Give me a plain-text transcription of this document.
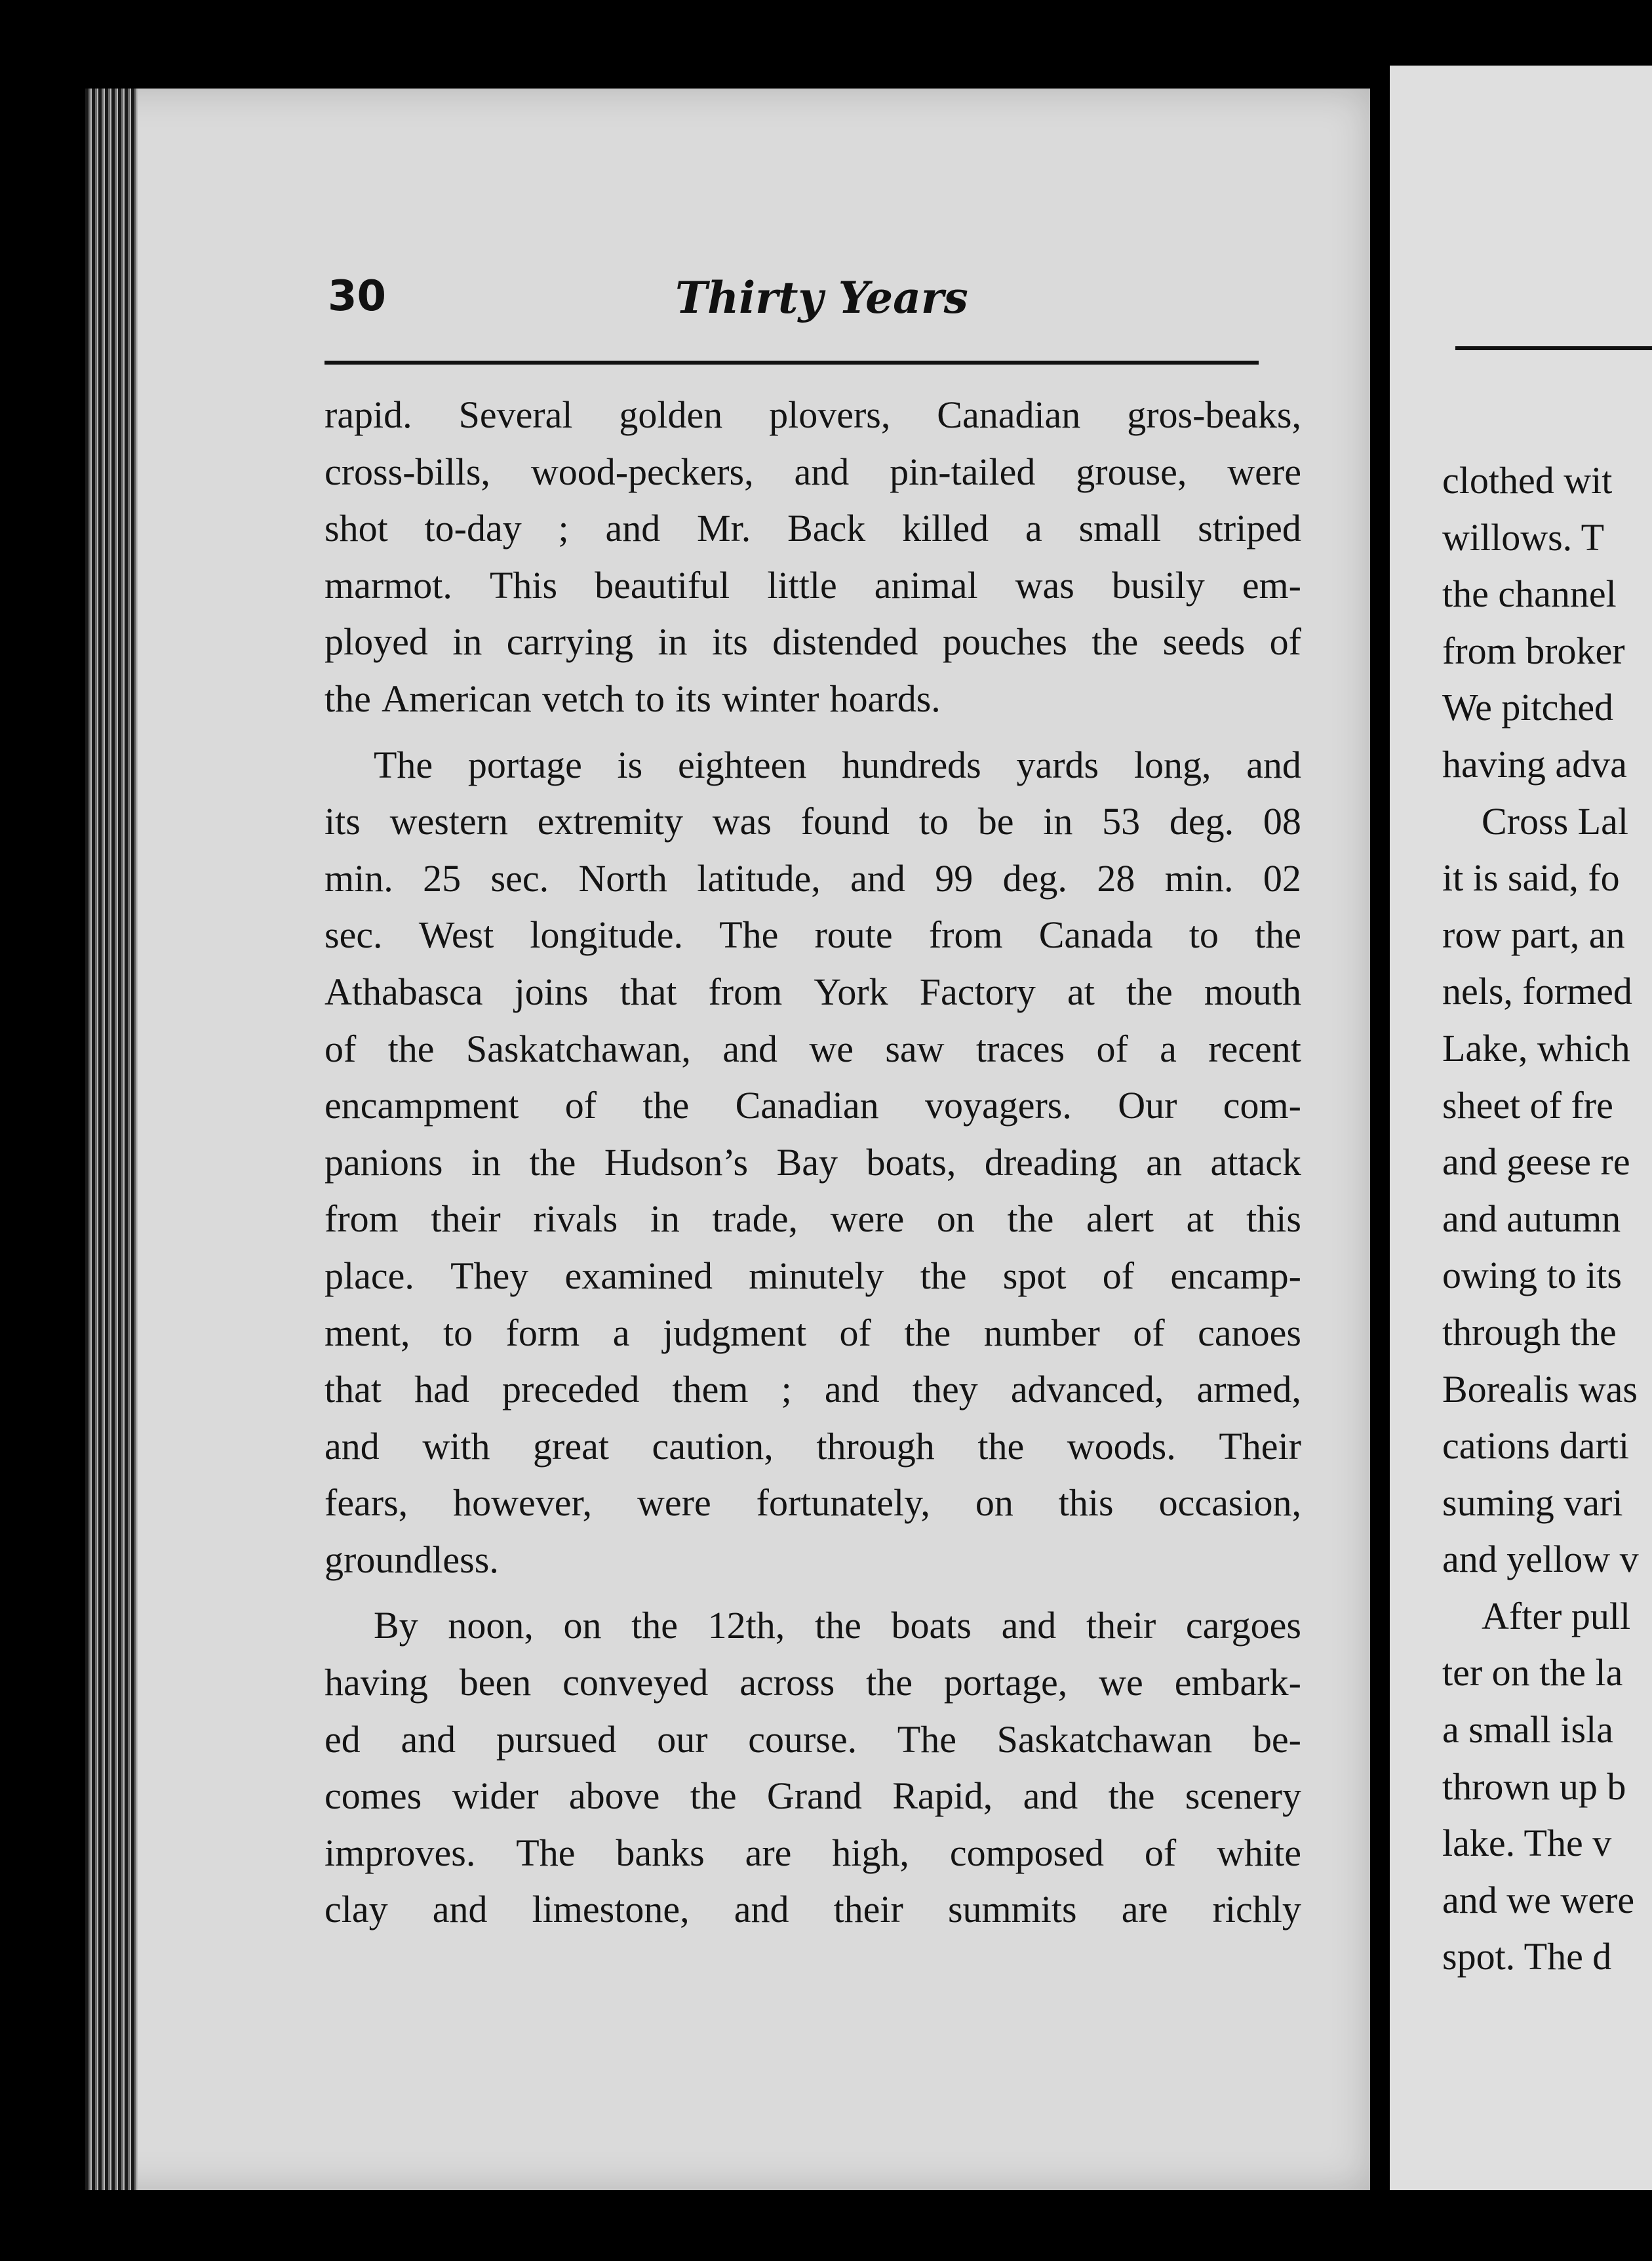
30	Thirty Years
rapid. Several golden plovers, Canadian gros-beaks,
cross-bills, wood-peckers, and pin-tailed grouse, were
shot to-day ; and Mr. Back killed a small striped
marmot. This beautiful little animal was busily em-
ployed in carrying in its distended pouches the seeds of
the American vetch to its winter hoards.
The portage is eighteen hundreds yards long, and
its western extremity was found to be in 53 deg. 08
min. 25 sec. North latitude, and 99 deg. 28 min. 02
sec. West longitude. The route from Canada to the
Athabasca joins that from York Factory at the mouth
of the Saskatchawan, and we saw traces of a recent
encampment of the Canadian voyagers. Our com-
panions in the Hudson’s Bay boats, dreading an attack
from their rivals in trade, were on the alert at this
place. They examined minutely the spot of encamp-
ment, to form a judgment of the number of canoes
that had preceded them ; and they advanced, armed,
and with great caution, through the woods. Their
fears, however, were fortunately, on this occasion,
groundless.
By noon, on the 12th, the boats and their cargoes
having been conveyed across the portage, we embark-
ed and pursued our course. The Saskatchawan be-
comes wider above the Grand Rapid, and the scenery
improves. The banks are high, composed of white
clay and limestone, and their summits are richly
clothed wit
willows. T
the channel
from broker
We pitched
having adva
Cross Lal
it is said, fo
row part, an
nels, formed
Lake, which
sheet of fre
and geese re
and autumn
owing to its
through the
Borealis was
cations darti
suming vari
and yellow v
After pull
ter on the la
a small isla
thrown up b
lake. The v
and we were
spot. The d
